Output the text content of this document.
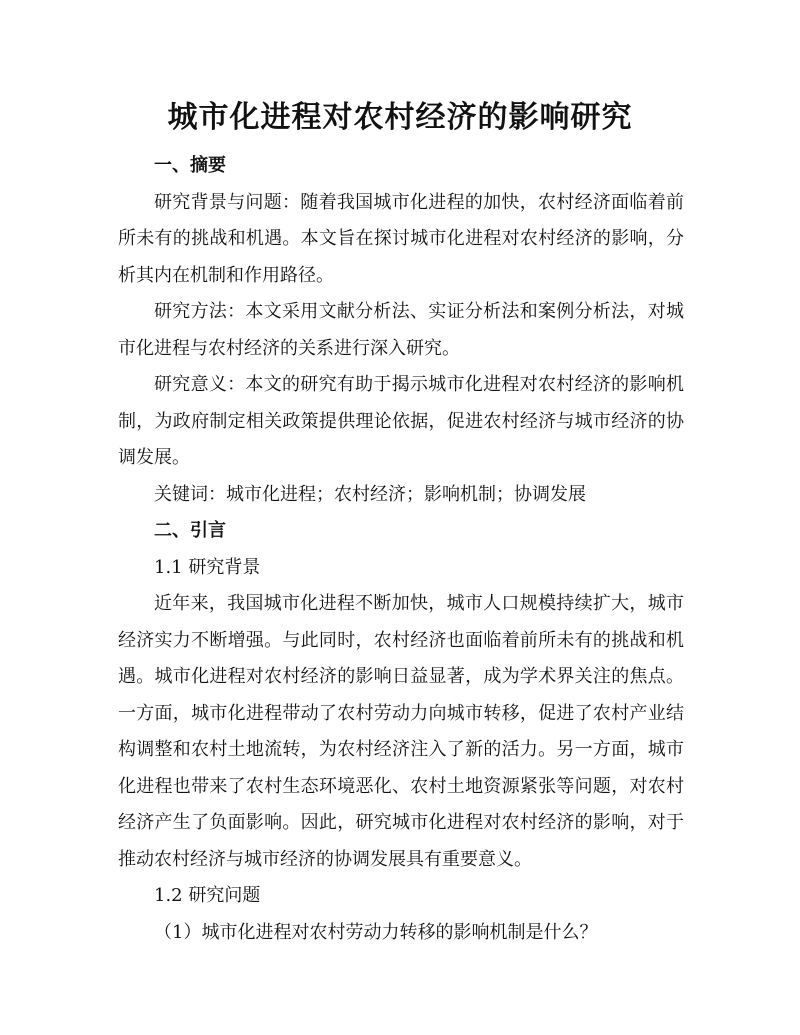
城市化进程对农村经济的影响研究

一、摘要

研究背景与问题：随着我国城市化进程的加快，农村经济面临着前所未有的挑战和机遇。本文旨在探讨城市化进程对农村经济的影响，分析其内在机制和作用路径。

研究方法：本文采用文献分析法、实证分析法和案例分析法，对城市化进程与农村经济的关系进行深入研究。

研究意义：本文的研究有助于揭示城市化进程对农村经济的影响机制，为政府制定相关政策提供理论依据，促进农村经济与城市经济的协调发展。

关键词：城市化进程；农村经济；影响机制；协调发展

二、引言

1.1 研究背景

近年来，我国城市化进程不断加快，城市人口规模持续扩大，城市经济实力不断增强。与此同时，农村经济也面临着前所未有的挑战和机遇。城市化进程对农村经济的影响日益显著，成为学术界关注的焦点。一方面，城市化进程带动了农村劳动力向城市转移，促进了农村产业结构调整和农村土地流转，为农村经济注入了新的活力。另一方面，城市化进程也带来了农村生态环境恶化、农村土地资源紧张等问题，对农村经济产生了负面影响。因此，研究城市化进程对农村经济的影响，对于推动农村经济与城市经济的协调发展具有重要意义。

1.2 研究问题

（1）城市化进程对农村劳动力转移的影响机制是什么？
